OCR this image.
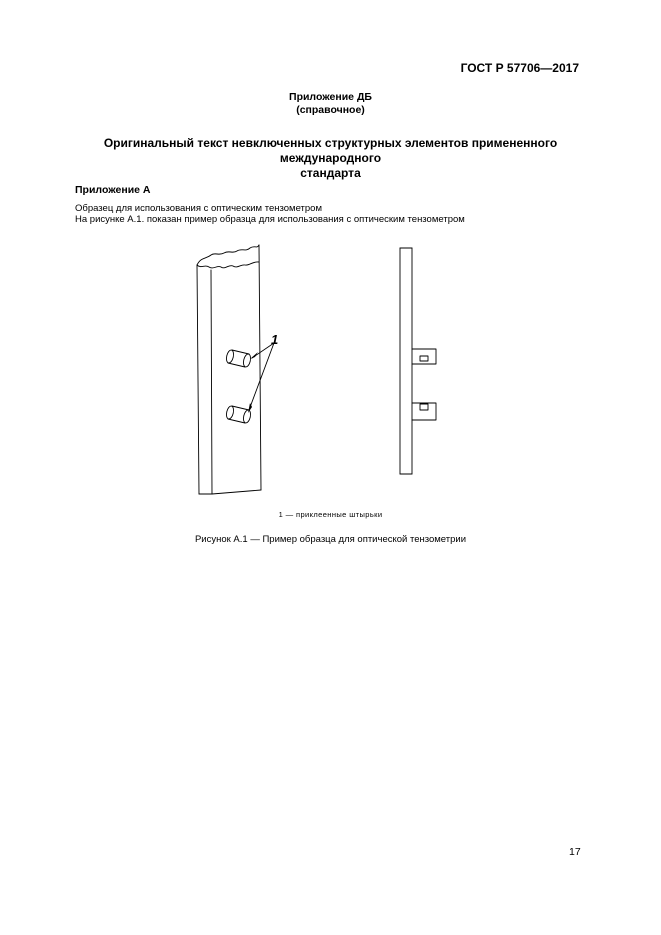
ГОСТ Р 57706—2017
Приложение ДБ
(справочное)
Оригинальный текст невключенных структурных элементов примененного международного
стандарта
Приложение А
Образец для использования с оптическим тензометром
На рисунке А.1. показан пример образца для использования с оптическим тензометром
1
1 — приклеенные штырьки
Рисунок А.1 — Пример образца для оптической тензометрии
17
